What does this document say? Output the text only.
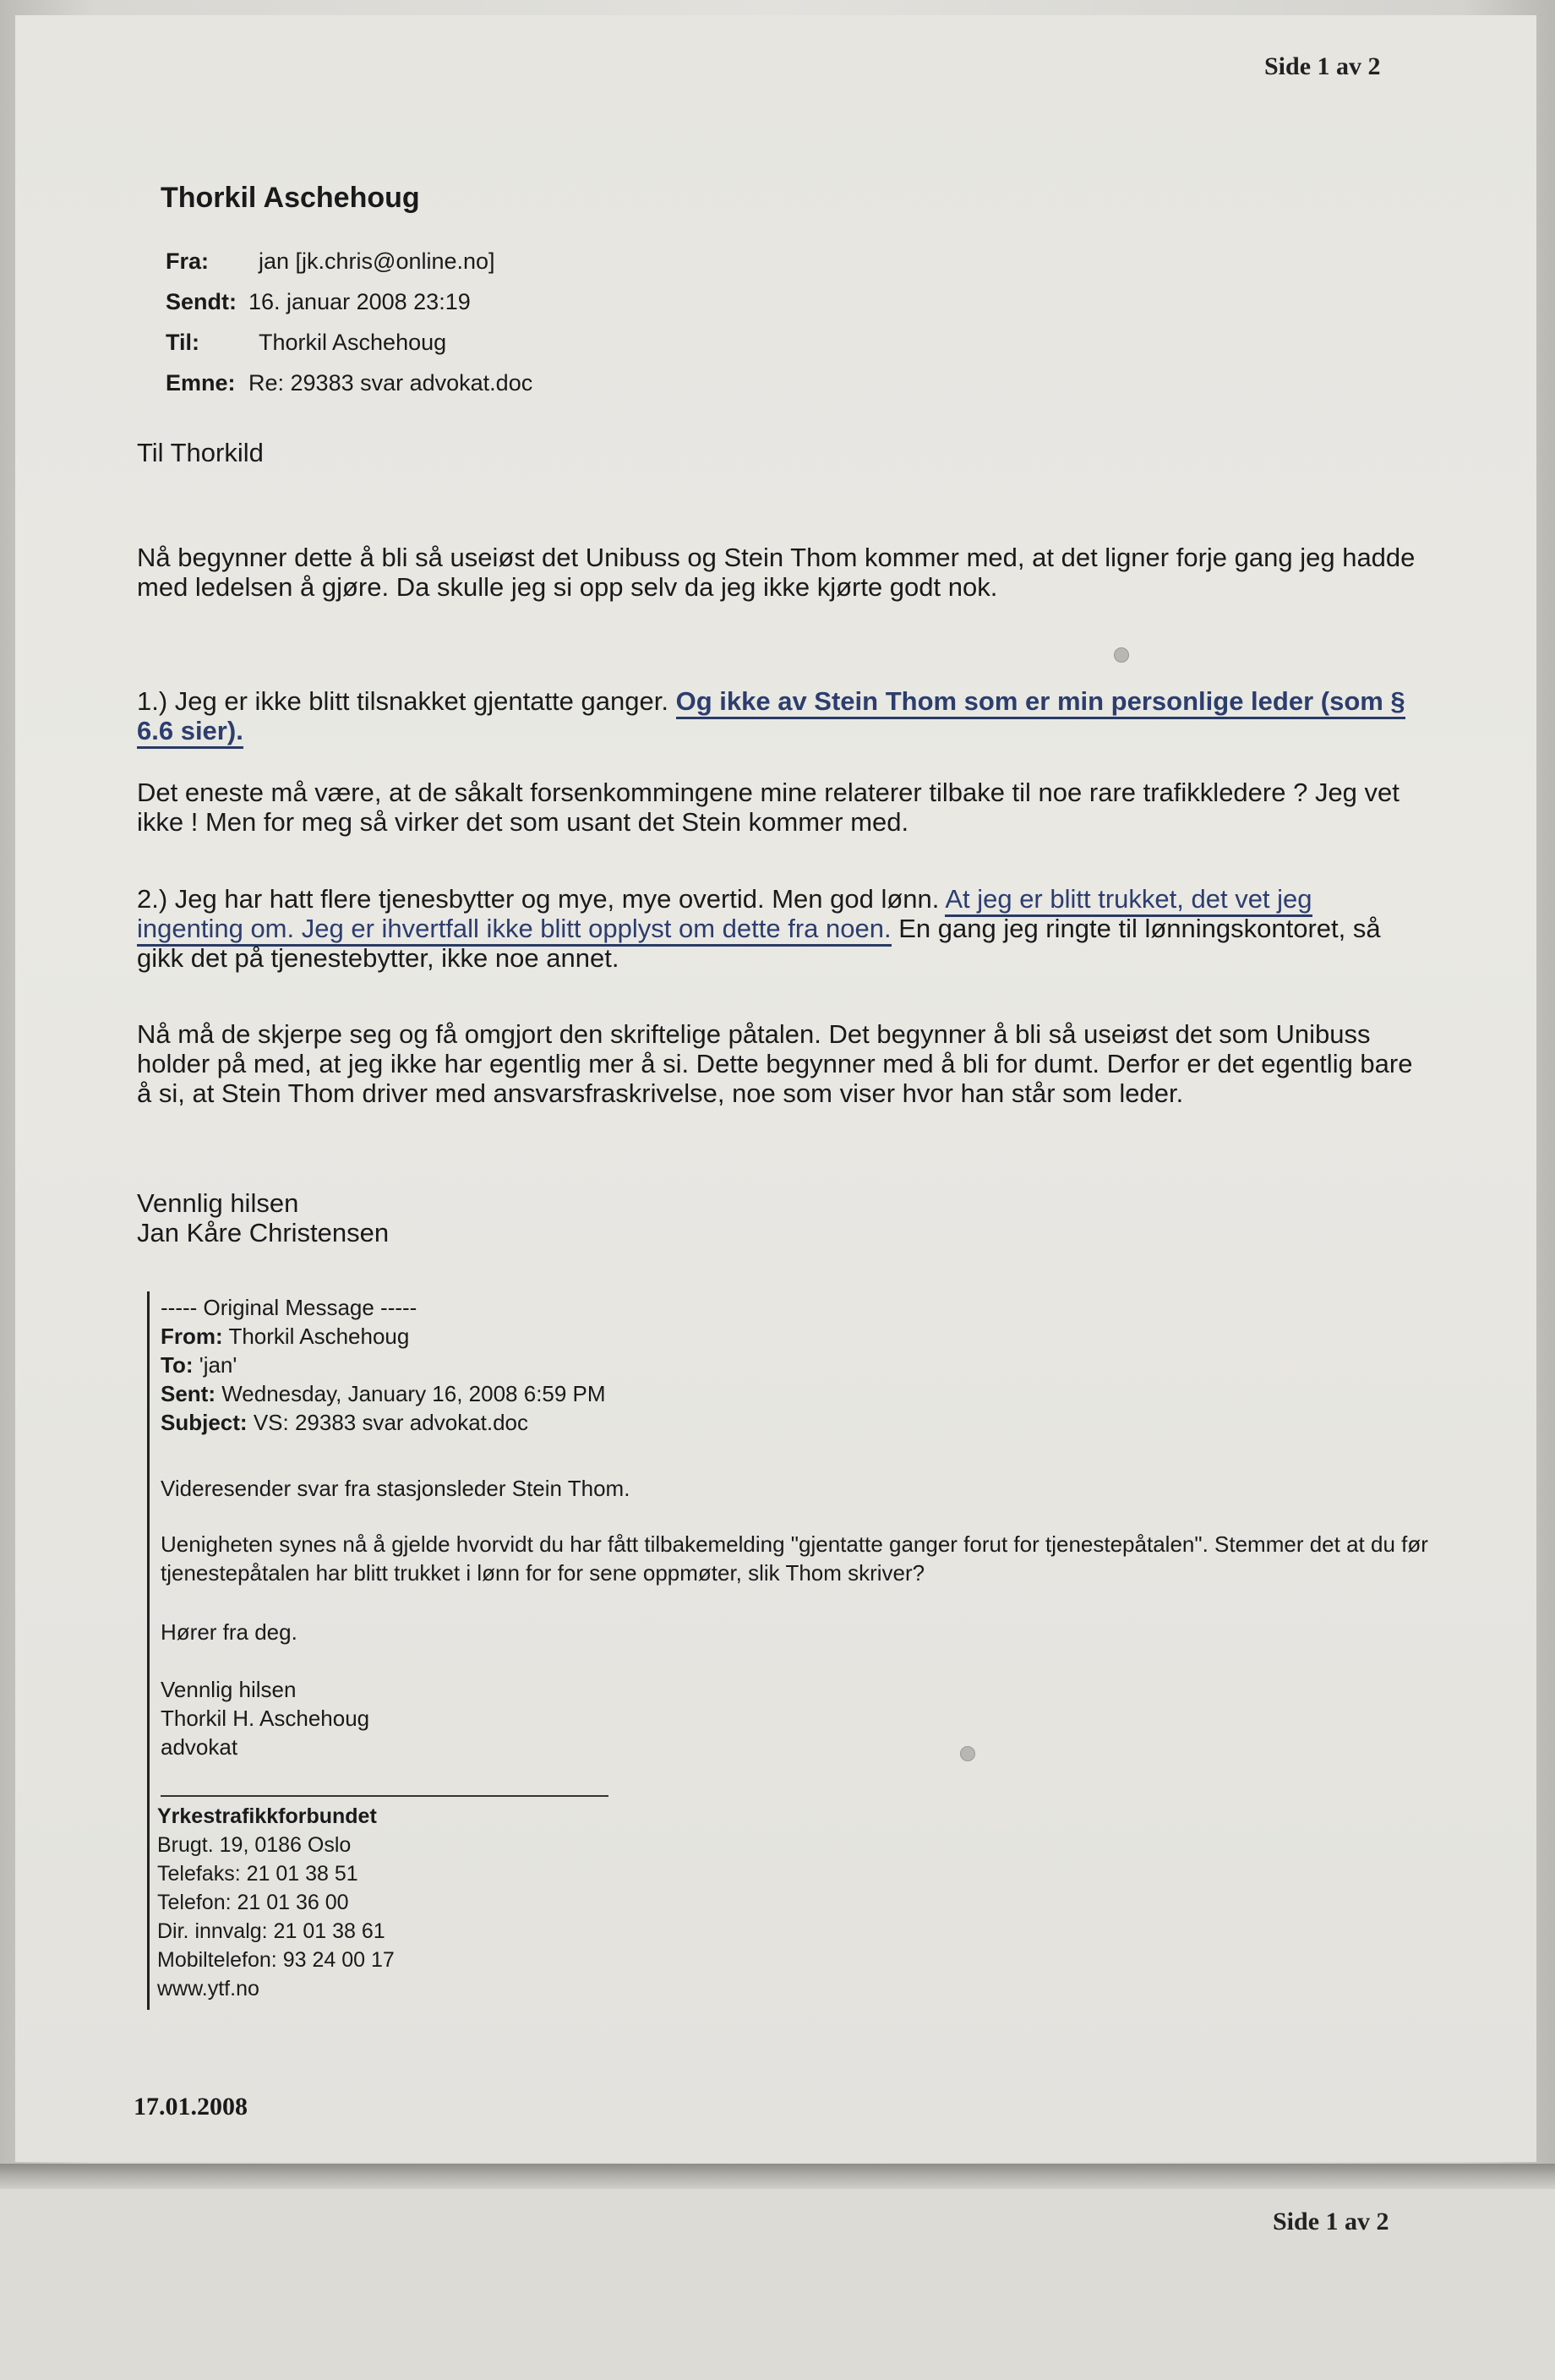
Side 1 av 2
Thorkil Aschehoug
Fra:	jan [jk.chris@online.no]
Sendt: 16. januar 2008 23:19
Til:	Thorkil Aschehoug
Emne: Re: 29383 svar advokat.doc
Til Thorkild
Nå begynner dette å bli så useiøst det Unibuss og Stein Thom kommer med, at det ligner forje gang jeg hadde med ledelsen å gjøre. Da skulle jeg si opp selv da jeg ikke kjørte godt nok.
1.) Jeg er ikke blitt tilsnakket gjentatte ganger. Og ikke av Stein Thom som er min personlige leder (som § 6.6 sier).
Det eneste må være, at de såkalt forsenkommingene mine relaterer tilbake til noe rare trafikkledere ? Jeg vet ikke ! Men for meg så virker det som usant det Stein kommer med.
2.) Jeg har hatt flere tjenesbytter og mye, mye overtid. Men god lønn. At jeg er blitt trukket, det vet jeg ingenting om. Jeg er ihvertfall ikke blitt opplyst om dette fra noen. En gang jeg ringte til lønningskontoret, så gikk det på tjenestebytter, ikke noe annet.
Nå må de skjerpe seg og få omgjort den skriftelige påtalen. Det begynner å bli så useiøst det som Unibuss holder på med, at jeg ikke har egentlig mer å si. Dette begynner med å bli for dumt. Derfor er det egentlig bare å si, at Stein Thom driver med ansvarsfraskrivelse, noe som viser hvor han står som leder.
Vennlig hilsen
Jan Kåre Christensen
----- Original Message -----
From: Thorkil Aschehoug
To: 'jan'
Sent: Wednesday, January 16, 2008 6:59 PM
Subject: VS: 29383 svar advokat.doc
Videresender svar fra stasjonsleder Stein Thom.
Uenigheten synes nå å gjelde hvorvidt du har fått tilbakemelding "gjentatte ganger forut for tjenestepåtalen". Stemmer det at du før tjenestepåtalen har blitt trukket i lønn for for sene oppmøter, slik Thom skriver?
Hører fra deg.
Vennlig hilsen
Thorkil H. Aschehoug
advokat
Yrkestrafikkforbundet
Brugt. 19, 0186 Oslo
Telefaks: 21 01 38 51
Telefon: 21 01 36 00
Dir. innvalg: 21 01 38 61
Mobiltelefon: 93 24 00 17
www.ytf.no
17.01.2008
Side 1 av 2
